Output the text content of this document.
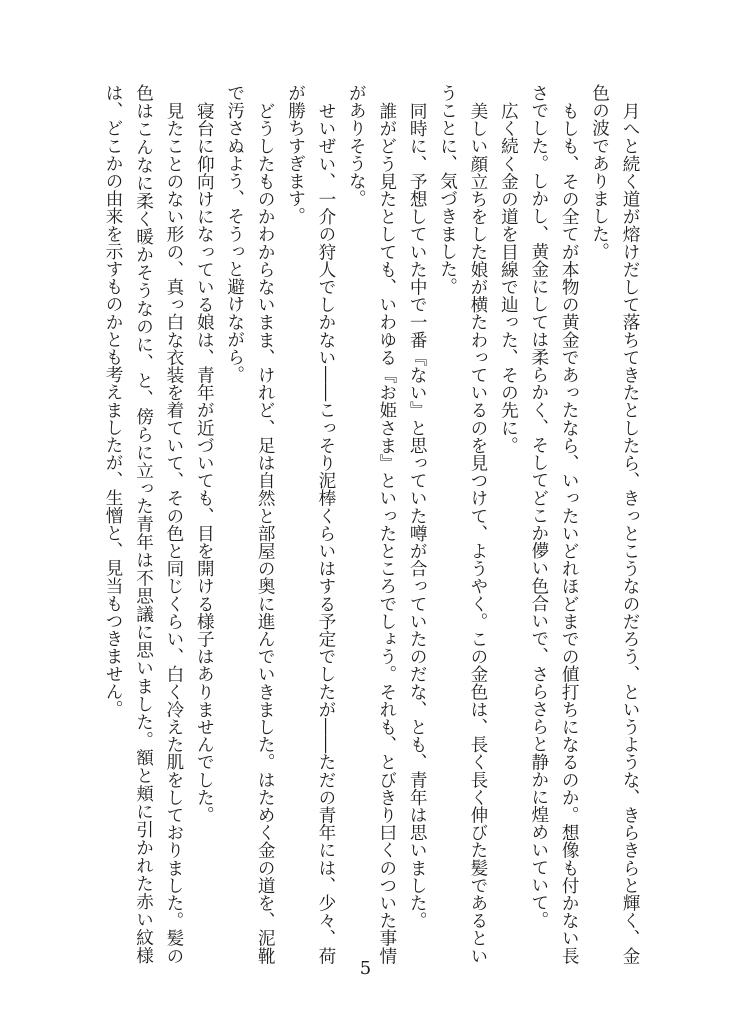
月へと続く道が熔けだして落ちてきたとしたら、きっとこうなのだろう、というような、きらきらと輝く、金色の波でありました。

もしも、その全てが本物の黄金であったなら、いったいどれほどまでの値打ちになるのか。想像も付かない長さでした。しかし、黄金にしては柔らかく、そしてどこか儚い色合いで、さらさらと静かに煌めいていて。

広く続く金の道を目線で辿った、その先に。

美しい顔立ちをした娘が横たわっているのを見つけて、ようやく。この金色は、長く長く伸びた髪であるということに、気づきました。

同時に、予想していた中で一番『ない』と思っていた噂が合っていたのだな、とも、青年は思いました。

誰がどう見たとしても、いわゆる『お姫さま』といったところでしょう。それも、とびきり曰くのついた事情がありそうな。

せいぜい、一介の狩人でしかない――こっそり泥棒くらいはする予定でしたが――ただの青年には、少々、荷が勝ちすぎます。

どうしたものかわからないまま、けれど、足は自然と部屋の奥に進んでいきました。はためく金の道を、泥靴で汚さぬよう、そうっと避けながら。

寝台に仰向けになっている娘は、青年が近づいても、目を開ける様子はありませんでした。

見たことのない形の、真っ白な衣装を着ていて、その色と同じくらい、白く冷えた肌をしておりました。髪の色はこんなに柔く暖かそうなのに、と、傍らに立った青年は不思議に思いました。額と頬に引かれた赤い紋様は、どこかの由来を示すものかとも考えましたが、生憎と、見当もつきません。

5
